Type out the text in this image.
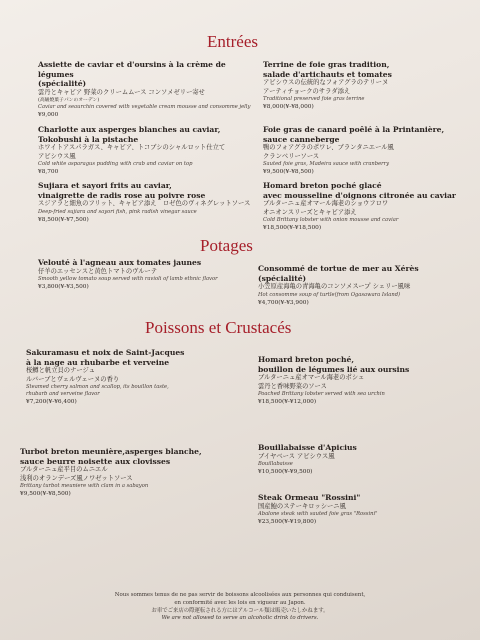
Entrées
Assiette de caviar et d'oursins à la crème de légumes
(spécialité)
雲丹とキャビア 野菜のクリームムース コンソメゼリー寄せ
(高級焼菓子パンのオーデン)
Caviar and seaurchin covered with vegetable cream mousse and consomme jelly
¥9,000
Terrine de foie gras tradition,
salade d'artichauts et tomates
アピシウスの伝統的なフォアグラのテリーヌ
アーティチョークのサラダ添え
Traditional preserved foie gras terrine
¥8,000(¥-¥8,000)
Charlotte aux asperges blanches au caviar,
Tokobushi à la pistache
ホワイトアスパラガス、キャビア、トコブシのシャルロット仕立て
アピシウス風
Cold white asparagus pudding with crab and caviar on top
¥8,700
Foie gras de canard poêlé à la Printanière,
sauce canneberge
鴨のフォアグラのポワレ、ブランタニエール風
クランベリーソース
Sauted foie gras, Madeira sauce with cranberry
¥9,500(¥-¥8,500)
Sujiara et sayori frits au caviar,
vinaigrette de radis rose au poivre rose
スジアラと細魚のフリット、キャビア添え　ロゼ色のヴィネグレットソース
Deep-fried sujiara and sayori fish, pink radish vinegar sauce
¥8,500(¥-¥7,500)
Homard breton poché glacé
avec mousseline d'oignons citronée au caviar
ブルターニュ産オマール海老のショウフロワ
オニオンスリーズとキャビア添え
Cold Brittany lobster with onion mousse and caviar
¥18,500(¥-¥18,500)
Potages
Velouté à l'agneau aux tomates jaunes
仔羊のエッセンスと黄色トマトのヴルーテ
Smooth yellow tomato soup served with ravioli of lamb ethnic flavor
¥3,800(¥-¥3,500)
Consommé de tortue de mer au Xérès
(spécialité)
小笠原産海亀の青海亀のコンソメスープ シェリー風味
Hot consomme soup of turtle(from Ogasawara Island)
¥4,700(¥-¥3,900)
Poissons et Crustacés
Sakuramasu et noix de Saint-Jacques
à la nage au rhubarbe et verveine
桜鱒と帆立貝のナージュ
ルバーブとヴェルヴェーヌの香り
Steamed cherry salmon and scallop, its bouillon taste,
rhubarb and verveine flavor
¥7,200(¥-¥6,400)
Homard breton poché,
bouillon de légumes lié aux oursins
ブルターニュ産オマール海老のポシェ
雲丹と香味野菜のソース
Poached Brittany lobster served with sea urchin
¥18,500(¥-¥12,000)
Turbot breton meunière,asperges blanche,
sauce beurre noisette aux clovisses
ブルターニュ産平目のムニエル
浅利のオランデーズ風ノワゼットソース
Brittany turbot meuniere with clam in a sabayon
¥9,500(¥-¥8,500)
Bouillabaisse d'Apicius
ブイヤベース アピシウス風
Bouillabaisse
¥10,500(¥-¥9,500)
Steak Ormeau "Rossini"
国産鮑のステーキロッシーニ風
Abalone steak with sauted foie gras "Rossini"
¥23,500(¥-¥19,800)
Nous sommes tenus de ne pas servir de boissons alcoolisées aux personnes qui conduisent,
en conformité avec les lois en vigueur au Japon.
お車でご来店の際運転される方にはアルコール類は販売いたしかねます。
We are not allowed to serve an alcoholic drink to drivers.
